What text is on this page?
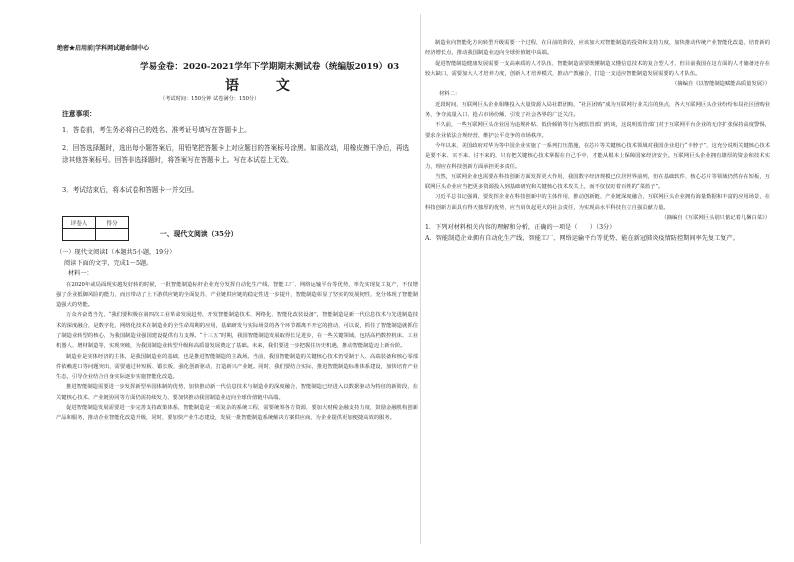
绝密★启用前|学科网试题命制中心
学易金卷：2020-2021学年下学期期末测试卷（统编版2019）03
语 文
（考试时间：150分钟 试卷满分：150分）
注意事项：
1．答卷前，考生务必将自己的姓名、准考证号填写在答题卡上。
2．回答选择题时，选出每小题答案后，用铅笔把答题卡上对应题目的答案标号涂黑。如需改动，用橡皮擦干净后，再选涂其他答案标号。回答非选择题时，将答案写在答题卡上。写在本试卷上无效。
3．考试结束后，将本试卷和答题卡一并交回。
评卷人	得分

一、现代文阅读（35分）

（一）现代文阅读Ⅰ（本题共5小题，19分）

阅读下面的文字，完成1～5题。

材料一：

在2020年或局面现实越发好转的时候，一批智能制造标杆企业充分发挥自动化生产线、智能工厂、网络运输平台等优势，率先实现复工复产，不仅增强了企业抵御风险的能力，而且带动了上下游供应链的全面复苏，产业链供应链的稳定性进一步提升，智能制造彰显了坚实的发展韧性，充分体现了智能制造强大的势能。

万众齐奋勇当先，“我们要积极在第四次工业革命发展趋势，开发智能制造技术、网络化、智能化改装设备”，智能制造是新一代信息技术与先进制造技术的深度融合，是数字化、网络化技术在制造业的全生命周期的应用，基础研发与实际场景的各个环节都离不开它的推动，可以说，抓住了智能制造就抓住了制造业转型的核心，为我国制造业强国建设提供有力支撑。“十三五”时期，我国智能制造发展取得长足进步，在一些关键领域，包括高档数控机床、工业机器人、增材制造等，实现突破，为我国制造业转型升级和高质量发展奠定了基础。未来，我们要进一步把握住历史机遇，推动智能制造迈上新台阶。

制造业是实体经济的主体，是我国制造业的基础，也是推进智能制造的主战场。当前，我国智能制造的关键核心技术仍受制于人、高端装备和核心零部件依赖进口等问题突出，需要通过补短板、锻长板，强化创新驱动，打造新兴产业链。同时，我们要结合实际，推进智能制造标准体系建设，加快培育产业生态，引导企业结合自身实际逐步实施智能化改造。

推进智能制造需要进一步发挥新型举国体制的优势，加快推动新一代信息技术与制造业的深度融合，智能制造已经进入以数据驱动为特征的新阶段，在关键核心技术、产业链协同等方面仍需持续发力，要加快推动我国制造业迈向全球价值链中高端。

促进智能制造发展需要进一步完善支持政策体系，智能制造是一项复杂的系统工程，需要统筹各方资源，要加大财税金融支持力度，鼓励金融机构创新产品和服务，推动企业智能化改造升级，同时，要加快产业生态建设，发展一批智能制造系统解决方案供应商，为企业提供更加便捷高效的服务。

制造业向智能化方向转型升级需要一个过程，在目前的阶段，应该加大对智能制造的投资和支持力度，加快推动传统产业智能化改造，培育新的经济增长点，推动我国制造业迈向全球价值链中高端。

促进智能制造健康发展需要一支高素质的人才队伍，智能制造需要既懂制造又懂信息技术的复合型人才，但目前我国在这方面的人才储备还存在较大缺口，需要加大人才培养力度，创新人才培养模式，推动产教融合，打造一支适应智能制造发展需要的人才队伍。

（摘编自《以智能制造赋能高质量发展》）

材料二：

近段时间，互联网巨头企业相继投入大量资源入局社群团购，“社区团购”成为互联网行业关注的焦点，各大互联网巨头企业纷纷布局社区团购业务，争夺流量入口，抢占市场份额，引发了社会各界的广泛关注。

不久前，一些互联网巨头企业因为违规补贴、低价倾销等行为被监管部门约谈，这说明监管部门对于互联网平台企业的无序扩张保持高度警惕，要求企业依法合规经营，维护公平竞争的市场秩序。

今年以来，美国政府对华为等中国企业实施了一系列打压措施，在芯片等关键核心技术领域对我国企业进行“卡脖子”，这充分说明关键核心技术是要不来、买不来、讨不来的，只有把关键核心技术掌握在自己手中，才能从根本上保障国家经济安全。互联网巨头企业拥有雄厚的资金和技术实力，理应在科技创新方面承担更多责任。

当然，互联网企业也需要在科技创新方面发挥更大作用，我国数字经济规模已位居世界前列，但在基础软件、核心芯片等领域仍然存在短板，互联网巨头企业应当把更多资源投入到基础研究和关键核心技术攻关上，而不仅仅盯着百姓的“菜篮子”。

习近平总书记强调，要发挥企业在科技创新中的主体作用，推动创新链、产业链深度融合，互联网巨头企业拥有海量数据和丰富的应用场景，在科技创新方面具有得天独厚的优势，应当肩负起更大的社会责任，为实现高水平科技自立自强贡献力量。

（摘编自《互联网巨头别只惦记着几捆白菜》）

1．下列对材料相关内容的理解和分析，正确的一项是（　　）（3分）

A．智能制造企业拥有自动化生产线、智能工厂、网络运输平台等优势，能在新冠肺炎疫情防控期间率先复工复产。
